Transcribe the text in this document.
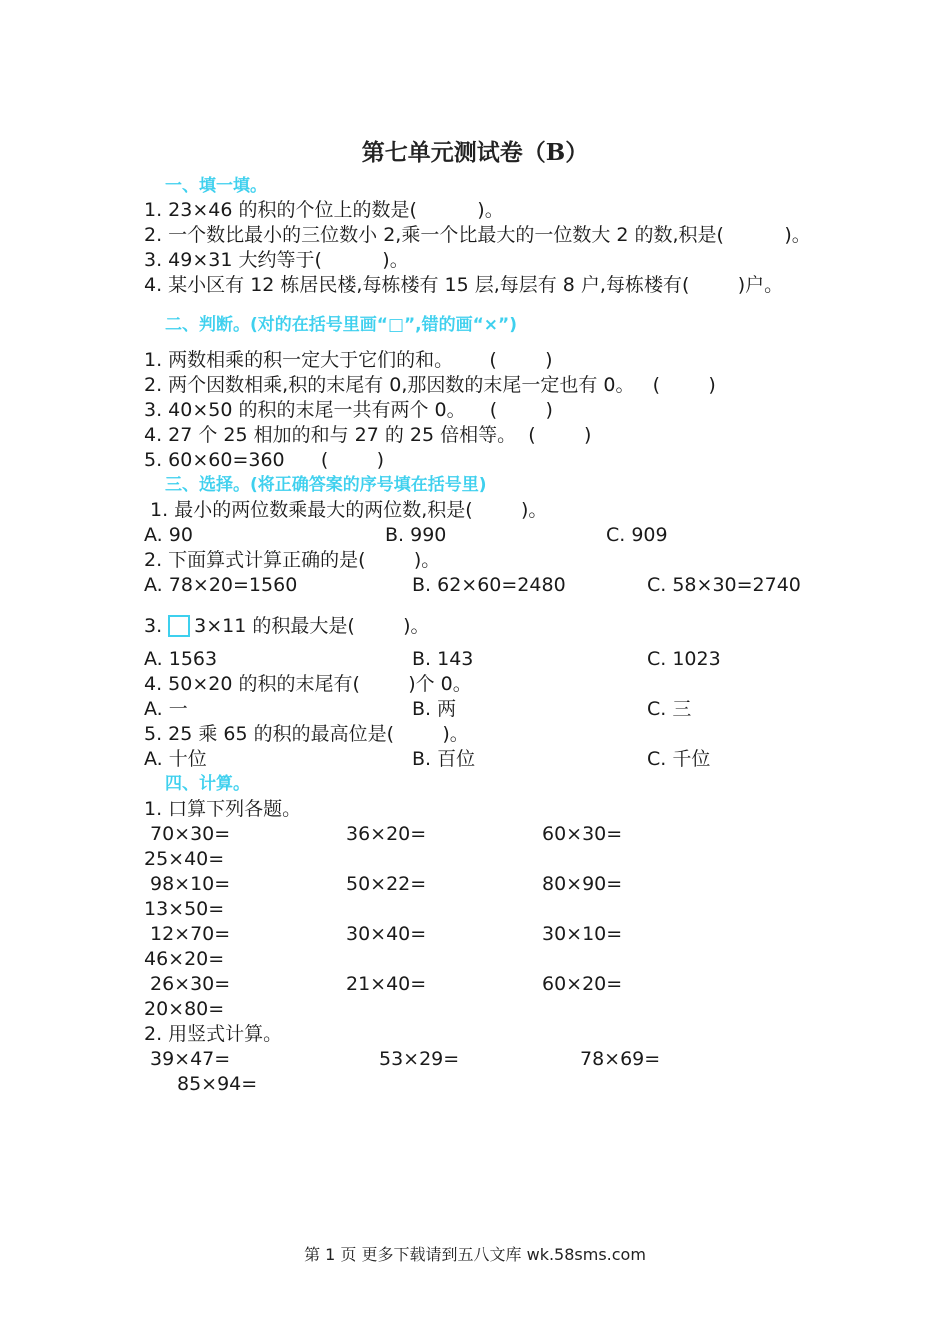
第七单元测试卷（B）
一、填一填。
1. 23×46 的积的个位上的数是(          )。
2. 一个数比最小的三位数小 2,乘一个比最大的一位数大 2 的数,积是(          )。
3. 49×31 大约等于(          )。
4. 某小区有 12 栋居民楼,每栋楼有 15 层,每层有 8 户,每栋楼有(        )户。
二、判断。(对的在括号里画“□”,错的画“×”)
1. 两数相乘的积一定大于它们的和。      (        )
2. 两个因数相乘,积的末尾有 0,那因数的末尾一定也有 0。   (        )
3. 40×50 的积的末尾一共有两个 0。    (        )
4. 27 个 25 相加的和与 27 的 25 倍相等。  (        )
5. 60×60=360      (        )
三、选择。(将正确答案的序号填在括号里)
1. 最小的两位数乘最大的两位数,积是(        )。
A. 90	B. 990	C. 909
2. 下面算式计算正确的是(        )。
A. 78×20=1560	B. 62×60=2480	C. 58×30=2740
3. 3×11 的积最大是(        )。
A. 1563	B. 143	C. 1023
4. 50×20 的积的末尾有(        )个 0。
A. 一	B. 两	C. 三
5. 25 乘 65 的积的最高位是(        )。
A. 十位	B. 百位	C. 千位
四、计算。
1. 口算下列各题。
70×30=	36×20=	60×30=
25×40=
98×10=	50×22=	80×90=
13×50=
12×70=	30×40=	30×10=
46×20=
26×30=	21×40=	60×20=
20×80=
2. 用竖式计算。
39×47=	53×29=	78×69=
85×94=
第 1 页 更多下载请到五八文库 wk.58sms.com
